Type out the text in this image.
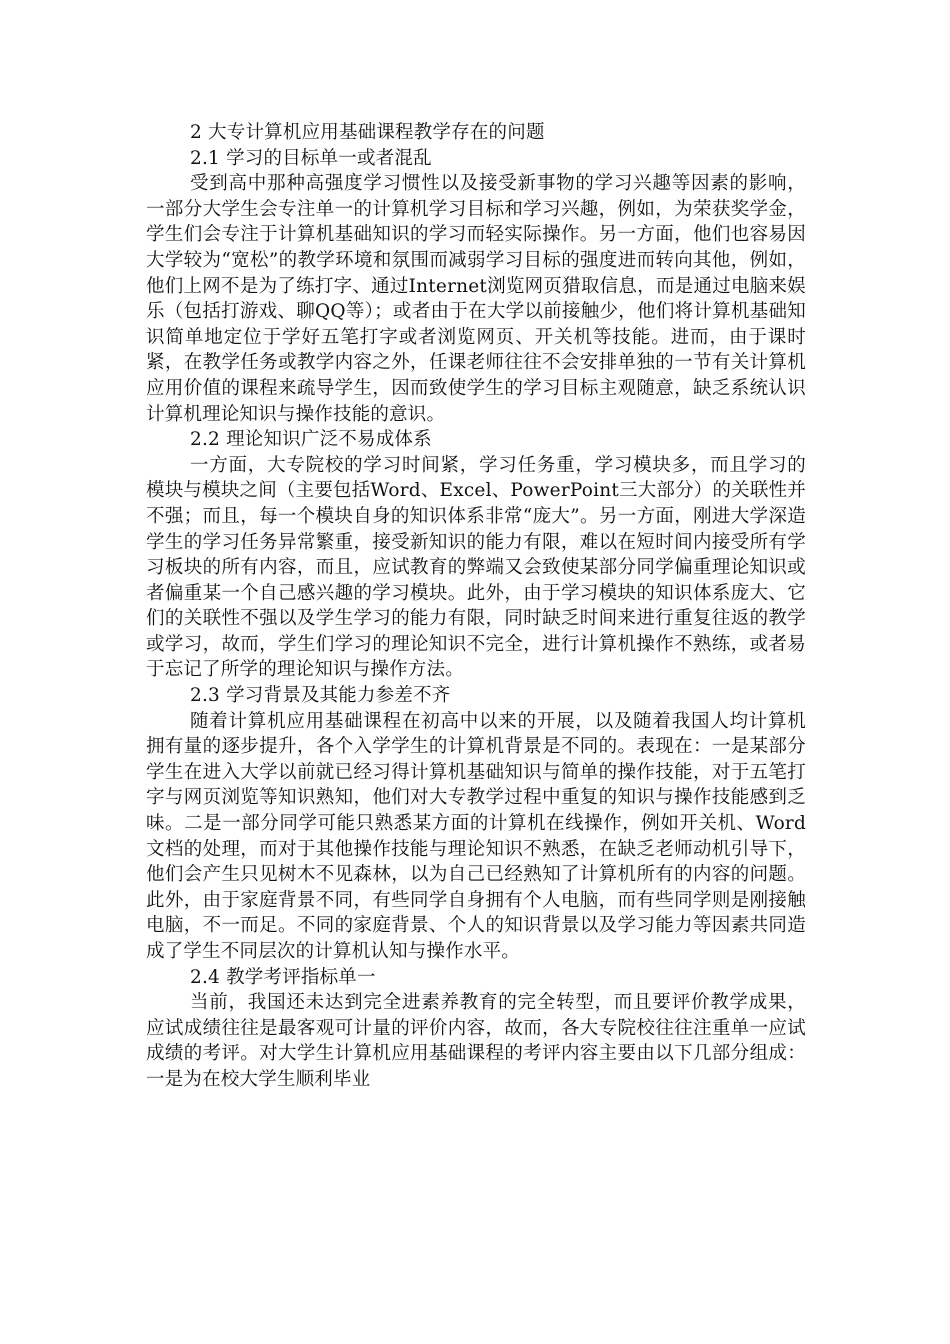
2 大专计算机应用基础课程教学存在的问题
2.1 学习的目标单一或者混乱

受到高中那种高强度学习惯性以及接受新事物的学习兴趣等因素的影响，一部分大学生会专注单一的计算机学习目标和学习兴趣，例如，为荣获奖学金，学生们会专注于计算机基础知识的学习而轻实际操作。另一方面，他们也容易因大学较为“宽松”的教学环境和氛围而减弱学习目标的强度进而转向其他，例如，他们上网不是为了练打字、通过Internet浏览网页猎取信息，而是通过电脑来娱乐（包括打游戏、聊QQ等）；或者由于在大学以前接触少，他们将计算机基础知识简单地定位于学好五笔打字或者浏览网页、开关机等技能。进而，由于课时紧，在教学任务或教学内容之外，任课老师往往不会安排单独的一节有关计算机应用价值的课程来疏导学生，因而致使学生的学习目标主观随意，缺乏系统认识计算机理论知识与操作技能的意识。

2.2 理论知识广泛不易成体系

一方面，大专院校的学习时间紧，学习任务重，学习模块多，而且学习的模块与模块之间（主要包括Word、Excel、PowerPoint三大部分）的关联性并不强；而且，每一个模块自身的知识体系非常“庞大”。另一方面，刚进大学深造学生的学习任务异常繁重，接受新知识的能力有限，难以在短时间内接受所有学习板块的所有内容，而且，应试教育的弊端又会致使某部分同学偏重理论知识或者偏重某一个自己感兴趣的学习模块。此外，由于学习模块的知识体系庞大、它们的关联性不强以及学生学习的能力有限，同时缺乏时间来进行重复往返的教学或学习，故而，学生们学习的理论知识不完全，进行计算机操作不熟练，或者易于忘记了所学的理论知识与操作方法。

2.3 学习背景及其能力参差不齐

随着计算机应用基础课程在初高中以来的开展，以及随着我国人均计算机拥有量的逐步提升，各个入学学生的计算机背景是不同的。表现在：一是某部分学生在进入大学以前就已经习得计算机基础知识与简单的操作技能，对于五笔打字与网页浏览等知识熟知，他们对大专教学过程中重复的知识与操作技能感到乏味。二是一部分同学可能只熟悉某方面的计算机在线操作，例如开关机、Word文档的处理，而对于其他操作技能与理论知识不熟悉，在缺乏老师动机引导下，他们会产生只见树木不见森林，以为自己已经熟知了计算机所有的内容的问题。此外，由于家庭背景不同，有些同学自身拥有个人电脑，而有些同学则是刚接触电脑，不一而足。不同的家庭背景、个人的知识背景以及学习能力等因素共同造成了学生不同层次的计算机认知与操作水平。

2.4 教学考评指标单一

当前，我国还未达到完全进素养教育的完全转型，而且要评价教学成果，应试成绩往往是最客观可计量的评价内容，故而，各大专院校往往注重单一应试成绩的考评。对大学生计算机应用基础课程的考评内容主要由以下几部分组成：一是为在校大学生顺利毕业
